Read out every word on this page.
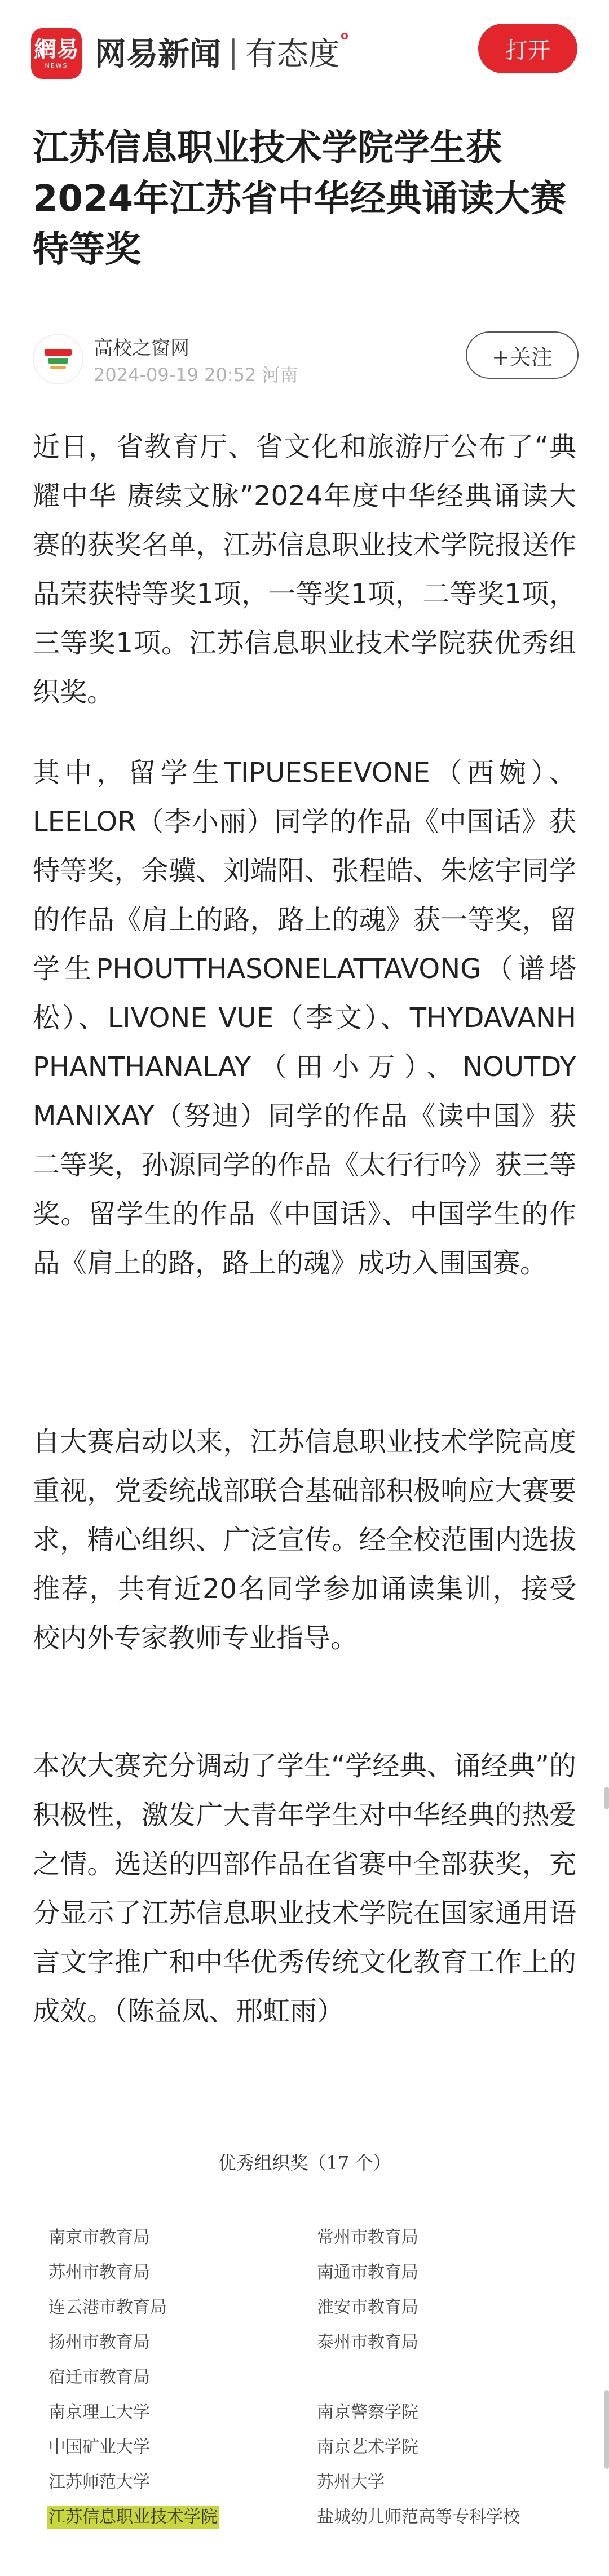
網易
NEWS 网易新闻 | 有态度	打开
江苏信息职业技术学院学生获2024年江苏省中华经典诵读大赛特等奖
高校之窗网
2024-09-19 20:52 河南
+关注

近日，省教育厅、省文化和旅游厅公布了“典耀中华 赓续文脉”2024年度中华经典诵读大赛的获奖名单，江苏信息职业技术学院报送作品荣获特等奖1项，一等奖1项，二等奖1项，三等奖1项。江苏信息职业技术学院获优秀组织奖。

其中，留学生TIPUESEEVONE（西婉）、LEELOR（李小丽）同学的作品《中国话》获特等奖，余骥、刘端阳、张程皓、朱炫宇同学的作品《肩上的路，路上的魂》获一等奖，留学生PHOUTTHASONELATTAVONG（谱塔松）、LIVONE VUE（李文）、THYDAVANH PHANTHANALAY（田小万）、NOUTDY MANIXAY（努迪）同学的作品《读中国》获二等奖，孙源同学的作品《太行行吟》获三等奖。留学生的作品《中国话》、中国学生的作品《肩上的路，路上的魂》成功入围国赛。

自大赛启动以来，江苏信息职业技术学院高度重视，党委统战部联合基础部积极响应大赛要求，精心组织、广泛宣传。经全校范围内选拔推荐，共有近20名同学参加诵读集训，接受校内外专家教师专业指导。

本次大赛充分调动了学生“学经典、诵经典”的积极性，激发广大青年学生对中华经典的热爱之情。选送的四部作品在省赛中全部获奖，充分显示了江苏信息职业技术学院在国家通用语言文字推广和中华优秀传统文化教育工作上的成效。（陈益凤、邢虹雨）

优秀组织奖（17 个）
南京市教育局
苏州市教育局
连云港市教育局
扬州市教育局
宿迁市教育局
南京理工大学
中国矿业大学
江苏师范大学
江苏信息职业技术学院
常州市教育局
南通市教育局
淮安市教育局
泰州市教育局
南京警察学院
南京艺术学院
苏州大学
盐城幼儿师范高等专科学校
